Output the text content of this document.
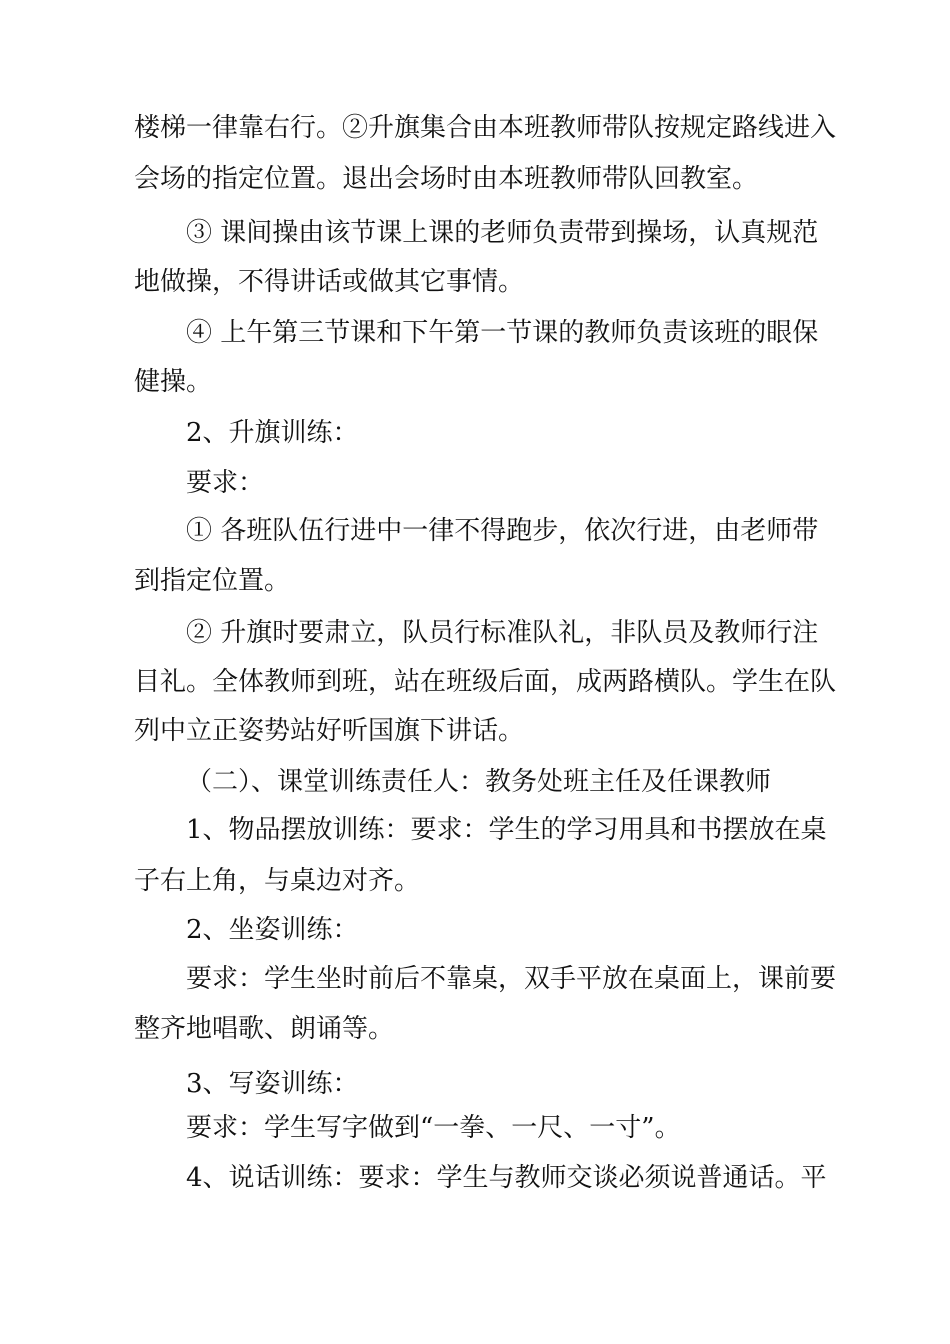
楼梯一律靠右行。②升旗集合由本班教师带队按规定路线进入
会场的指定位置。退出会场时由本班教师带队回教室。
③ 课间操由该节课上课的老师负责带到操场，认真规范
地做操，不得讲话或做其它事情。
④ 上午第三节课和下午第一节课的教师负责该班的眼保
健操。
2、升旗训练：
要求：
① 各班队伍行进中一律不得跑步，依次行进，由老师带
到指定位置。
② 升旗时要肃立，队员行标准队礼，非队员及教师行注
目礼。全体教师到班，站在班级后面，成两路横队。学生在队
列中立正姿势站好听国旗下讲话。
（二）、课堂训练责任人：教务处班主任及任课教师
1、物品摆放训练：要求：学生的学习用具和书摆放在桌
子右上角，与桌边对齐。
2、坐姿训练：
要求：学生坐时前后不靠桌，双手平放在桌面上，课前要
整齐地唱歌、朗诵等。
3、写姿训练：
要求：学生写字做到“一拳、一尺、一寸”。
4、说话训练：要求：学生与教师交谈必须说普通话。平
